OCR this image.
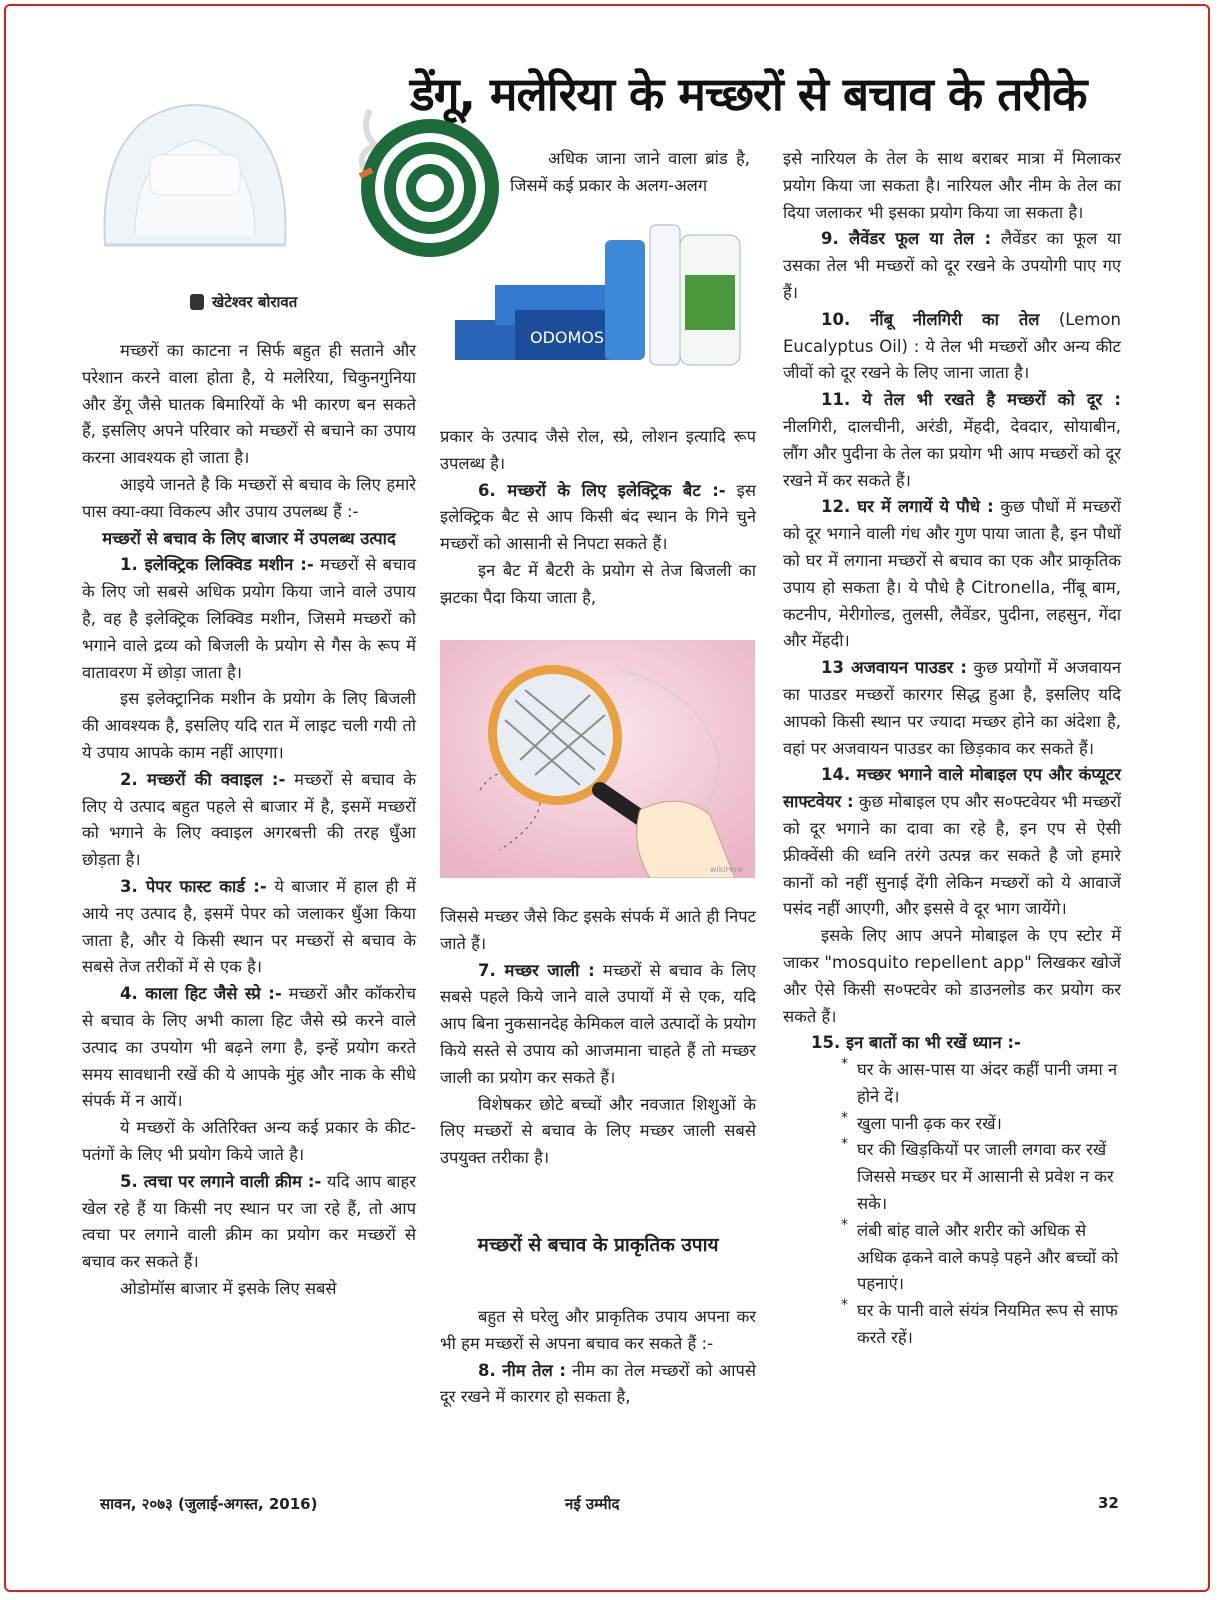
डेंगू, मलेरिया के मच्छरों से बचाव के तरीके
खेटेश्वर बोरावत
ODOMOS
wikiHow

मच्छरों का काटना न सिर्फ बहुत ही सताने और परेशान करने वाला होता है, ये मलेरिया, चिकुनगुनिया और डेंगू जैसे घातक बिमारियों के भी कारण बन सकते हैं, इसलिए अपने परिवार को मच्छरों से बचाने का उपाय करना आवश्यक हो जाता है।

आइये जानते है कि मच्छरों से बचाव के लिए हमारे पास क्या-क्या विकल्प और उपाय उपलब्ध हैं :-

मच्छरों से बचाव के लिए बाजार में उपलब्ध उत्पाद

1. इलेक्ट्रिक लिक्विड मशीन :- मच्छरों से बचाव के लिए जो सबसे अधिक प्रयोग किया जाने वाले उपाय है, वह है इलेक्ट्रिक लिक्विड मशीन, जिसमे मच्छरों को भगाने वाले द्रव्य को बिजली के प्रयोग से गैस के रूप में वातावरण में छोड़ा जाता है।

इस इलेक्ट्रानिक मशीन के प्रयोग के लिए बिजली की आवश्यक है, इसलिए यदि रात में लाइट चली गयी तो ये उपाय आपके काम नहीं आएगा।

2. मच्छरों की क्वाइल :- मच्छरों से बचाव के लिए ये उत्पाद बहुत पहले से बाजार में है, इसमें मच्छरों को भगाने के लिए क्वाइल अगरबत्ती की तरह धुँआ छोड़ता है।

3. पेपर फास्ट कार्ड :- ये बाजार में हाल ही में आये नए उत्पाद है, इसमें पेपर को जलाकर धुँआ किया जाता है, और ये किसी स्थान पर मच्छरों से बचाव के सबसे तेज तरीकों में से एक है।

4. काला हिट जैसे स्प्रे :- मच्छरों और कॉकरोच से बचाव के लिए अभी काला हिट जैसे स्प्रे करने वाले उत्पाद का उपयोग भी बढ़ने लगा है, इन्हें प्रयोग करते समय सावधानी रखें की ये आपके मुंह और नाक के सीधे संपर्क में न आयें।

ये मच्छरों के अतिरिक्त अन्य कई प्रकार के कीट-पतंगों के लिए भी प्रयोग किये जाते है।

5. त्वचा पर लगाने वाली क्रीम :- यदि आप बाहर खेल रहे हैं या किसी नए स्थान पर जा रहे हैं, तो आप त्वचा पर लगाने वाली क्रीम का प्रयोग कर मच्छरों से बचाव कर सकते हैं।

ओडोमॉस बाजार में इसके लिए सबसे

अधिक जाना जाने वाला ब्रांड है, जिसमें कई प्रकार के अलग-अलग

प्रकार के उत्पाद जैसे रोल, स्प्रे, लोशन इत्यादि रूप उपलब्ध है।

6. मच्छरों के लिए इलेक्ट्रिक बैट :- इस इलेक्ट्रिक बैट से आप किसी बंद स्थान के गिने चुने मच्छरों को आसानी से निपटा सकते हैं।

इन बैट में बैटरी के प्रयोग से तेज बिजली का झटका पैदा किया जाता है,

जिससे मच्छर जैसे किट इसके संपर्क में आते ही निपट जाते हैं।

7. मच्छर जाली : मच्छरों से बचाव के लिए सबसे पहले किये जाने वाले उपायों में से एक, यदि आप बिना नुकसानदेह केमिकल वाले उत्पादों के प्रयोग किये सस्ते से उपाय को आजमाना चाहते हैं तो मच्छर जाली का प्रयोग कर सकते हैं।

विशेषकर छोटे बच्चों और नवजात शिशुओं के लिए मच्छरों से बचाव के लिए मच्छर जाली सबसे उपयुक्त तरीका है।

मच्छरों से बचाव के प्राकृतिक उपाय

बहुत से घरेलु और प्राकृतिक उपाय अपना कर भी हम मच्छरों से अपना बचाव कर सकते हैं :-

8. नीम तेल : नीम का तेल मच्छरों को आपसे दूर रखने में कारगर हो सकता है,

इसे नारियल के तेल के साथ बराबर मात्रा में मिलाकर प्रयोग किया जा सकता है। नारियल और नीम के तेल का दिया जलाकर भी इसका प्रयोग किया जा सकता है।

9. लैवेंडर फूल या तेल : लैवेंडर का फूल या उसका तेल भी मच्छरों को दूर रखने के उपयोगी पाए गए हैं।

10. नींबू नीलगिरी का तेल (Lemon Eucalyptus Oil) : ये तेल भी मच्छरों और अन्य कीट जीवों को दूर रखने के लिए जाना जाता है।

11. ये तेल भी रखते है मच्छरों को दूर : नीलगिरी, दालचीनी, अरंडी, मेंहदी, देवदार, सोयाबीन, लौंग और पुदीना के तेल का प्रयोग भी आप मच्छरों को दूर रखने में कर सकते हैं।

12. घर में लगायें ये पौधे : कुछ पौधों में मच्छरों को दूर भगाने वाली गंध और गुण पाया जाता है, इन पौधों को घर में लगाना मच्छरों से बचाव का एक और प्राकृतिक उपाय हो सकता है। ये पौधे है Citronella, नींबू बाम, कटनीप, मेरीगोल्ड, तुलसी, लैवेंडर, पुदीना, लहसुन, गेंदा और मेंहदी।

13 अजवायन पाउडर : कुछ प्रयोगों में अजवायन का पाउडर मच्छरों कारगर सिद्ध हुआ है, इसलिए यदि आपको किसी स्थान पर ज्यादा मच्छर होने का अंदेशा है, वहां पर अजवायन पाउडर का छिड़काव कर सकते हैं।

14. मच्छर भगाने वाले मोबाइल एप और कंप्यूटर साफ्टवेयर : कुछ मोबाइल एप और स०फ्टवेयर भी मच्छरों को दूर भगाने का दावा का रहे है, इन एप से ऐसी फ्रीक्वेंसी की ध्वनि तरंगे उत्पन्न कर सकते है जो हमारे कानों को नहीं सुनाई देंगी लेकिन मच्छरों को ये आवाजें पसंद नहीं आएगी, और इससे वे दूर भाग जायेंगे।

इसके लिए आप अपने मोबाइल के एप स्टोर में जाकर "mosquito repellent app" लिखकर खोजें और ऐसे किसी स०फ्टवेर को डाउनलोड कर प्रयोग कर सकते हैं।

15. इन बातों का भी रखें ध्यान :-

* घर के आस-पास या अंदर कहीं पानी जमा न होने दें।

* खुला पानी ढ़क कर रखें।

* घर की खिड़कियों पर जाली लगवा कर रखें जिससे मच्छर घर में आसानी से प्रवेश न कर सके।

* लंबी बांह वाले और शरीर को अधिक से अधिक ढ़कने वाले कपड़े पहने और बच्चों को पहनाएं।

* घर के पानी वाले संयंत्र नियमित रूप से साफ करते रहें।

सावन, २०७३ (जुलाई-अगस्त, 2016)	नई उम्मीद	32
